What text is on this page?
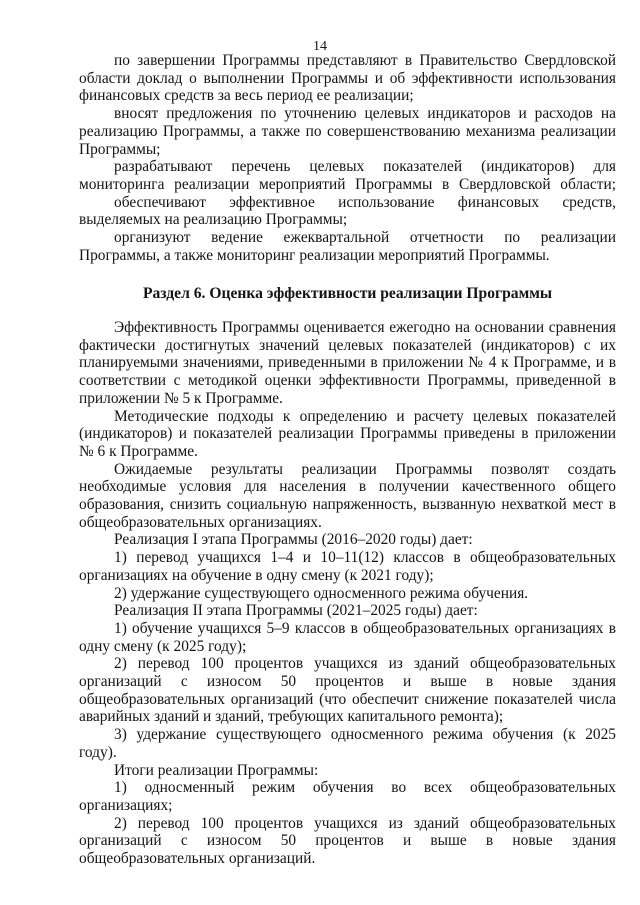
14

по завершении Программы представляют в Правительство Свердловской области доклад о выполнении Программы и об эффективности использования финансовых средств за весь период ее реализации;

вносят предложения по уточнению целевых индикаторов и расходов на реализацию Программы, а также по совершенствованию механизма реализации Программы;

разрабатывают перечень целевых показателей (индикаторов) для мониторинга реализации мероприятий Программы в Свердловской области;

обеспечивают эффективное использование финансовых средств, выделяемых на реализацию Программы;

организуют ведение ежеквартальной отчетности по реализации Программы, а также мониторинг реализации мероприятий Программы.

Раздел 6. Оценка эффективности реализации Программы

Эффективность Программы оценивается ежегодно на основании сравнения фактически достигнутых значений целевых показателей (индикаторов) с их планируемыми значениями, приведенными в приложении № 4 к Программе, и в соответствии с методикой оценки эффективности Программы, приведенной в приложении № 5 к Программе.

Методические подходы к определению и расчету целевых показателей (индикаторов) и показателей реализации Программы приведены в приложении № 6 к Программе.

Ожидаемые результаты реализации Программы позволят создать необходимые условия для населения в получении качественного общего образования, снизить социальную напряженность, вызванную нехваткой мест в общеобразовательных организациях.

Реализация I этапа Программы (2016–2020 годы) дает:

1) перевод учащихся 1–4 и 10–11(12) классов в общеобразовательных организациях на обучение в одну смену (к 2021 году);

2) удержание существующего односменного режима обучения.

Реализация II этапа Программы (2021–2025 годы) дает:

1) обучение учащихся 5–9 классов в общеобразовательных организациях в одну смену (к 2025 году);

2) перевод 100 процентов учащихся из зданий общеобразовательных организаций с износом 50 процентов и выше в новые здания общеобразовательных организаций (что обеспечит снижение показателей числа аварийных зданий и зданий, требующих капитального ремонта);

3) удержание существующего односменного режима обучения (к 2025 году).

Итоги реализации Программы:

1) односменный режим обучения во всех общеобразовательных организациях;

2) перевод 100 процентов учащихся из зданий общеобразовательных организаций с износом 50 процентов и выше в новые здания общеобразовательных организаций.
